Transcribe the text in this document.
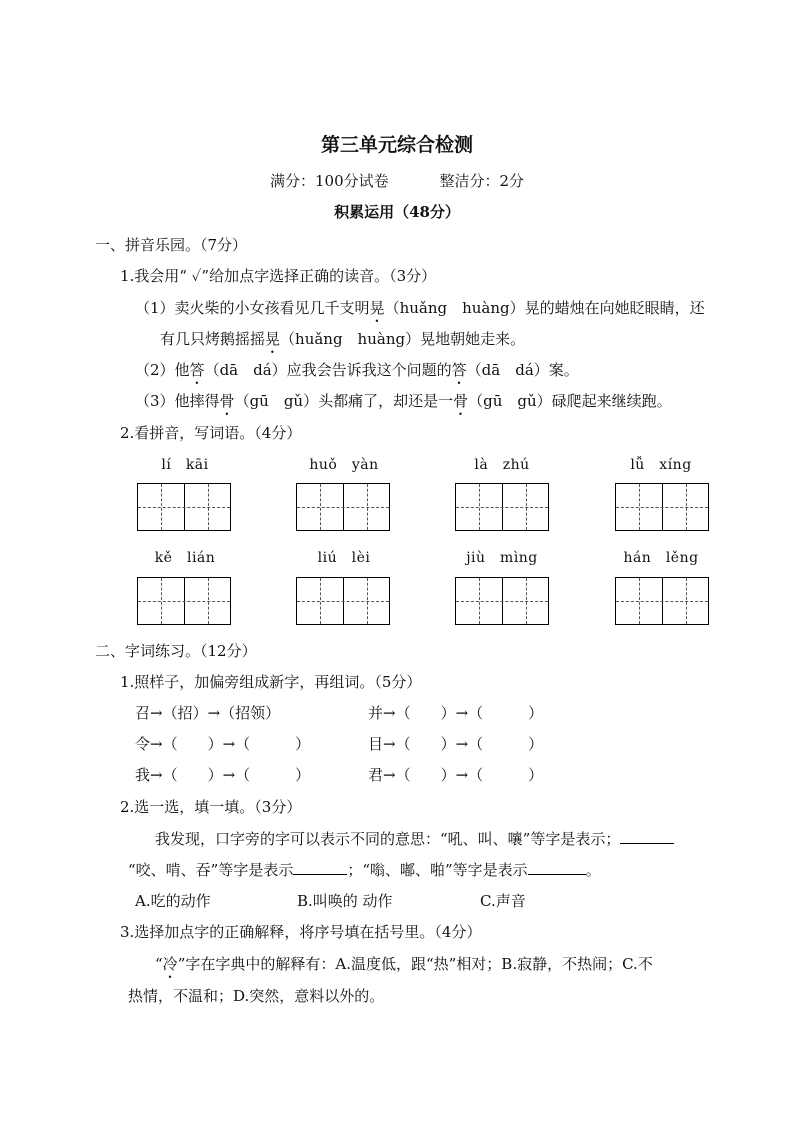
第三单元综合检测
满分：100分试卷	整洁分：2分
积累运用（48分）
一、拼音乐园。（7分）
1.我会用“ ✓”给加点字选择正确的读音。（3分）
（1）卖火柴的小女孩看见几千支明晃（huǎng　huàng）晃的蜡烛在向她眨眼睛，还
有几只烤鹅摇摇晃（huǎng　huàng）晃地朝她走来。
（2）他答（dā　dá）应我会告诉我这个问题的答（dā　dá）案。
（3）他摔得骨（gū　gǔ）头都痛了，却还是一骨（gū　gǔ）碌爬起来继续跑。
2.看拼音，写词语。（4分）
lí　kāi	huǒ　yàn	là　zhú	lǚ　xíng
kě　lián	liú　lèi	jiù　mìng	hán　lěng
二、字词练习。（12分）
1.照样子，加偏旁组成新字，再组词。（5分）
召→（招）→（招领）	并→（　　）→（　　　）
令→（　　）→（　　　）	目→（　　）→（　　　）
我→（　　）→（　　　）	君→（　　）→（　　　）
2.选一选，填一填。（3分）
我发现，口字旁的字可以表示不同的意思：“吼、叫、嚷”等字是表示；
“咬、啃、吞”等字是表示	；“嗡、嘟、啪”等字是表示	。
A.吃的动作	B.叫唤的 动作	C.声音
3.选择加点字的正确解释，将序号填在括号里。（4分）
“冷”字在字典中的解释有：A.温度低，跟“热”相对；B.寂静，不热闹；C.不
热情，不温和；D.突然，意料以外的。
